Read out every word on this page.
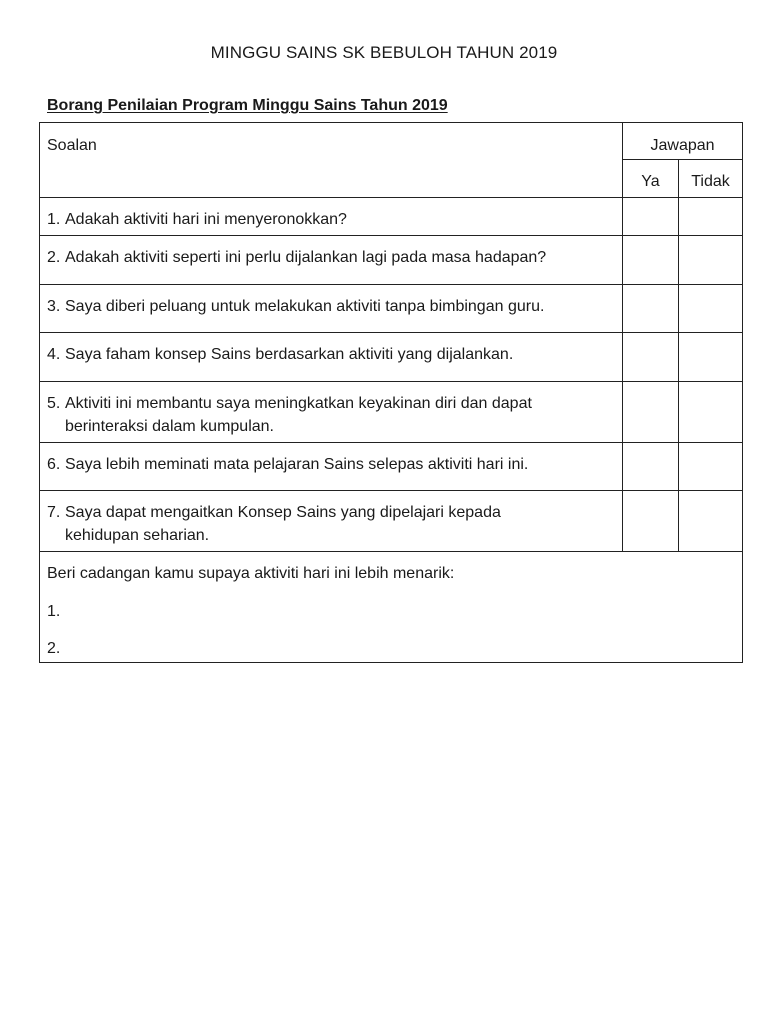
MINGGU SAINS SK BEBULOH TAHUN 2019
Borang Penilaian Program Minggu Sains Tahun 2019
Soalan	Jawapan	
	Ya	Tidak

1. Adakah aktiviti hari ini menyeronokkan?		

2. Adakah aktiviti seperti ini perlu dijalankan lagi pada masa hadapan?		

3. Saya diberi peluang untuk melakukan aktiviti tanpa bimbingan guru.		

4. Saya faham konsep Sains berdasarkan aktiviti yang dijalankan.		

5. Aktiviti ini membantu saya meningkatkan keyakinan diri dan dapat
berinteraksi dalam kumpulan.		

6. Saya lebih meminati mata pelajaran Sains selepas aktiviti hari ini.		

7. Saya dapat mengaitkan Konsep Sains yang dipelajari kepada
kehidupan seharian.		

Beri cadangan kamu supaya aktiviti hari ini lebih menarik:
1.
2.		
